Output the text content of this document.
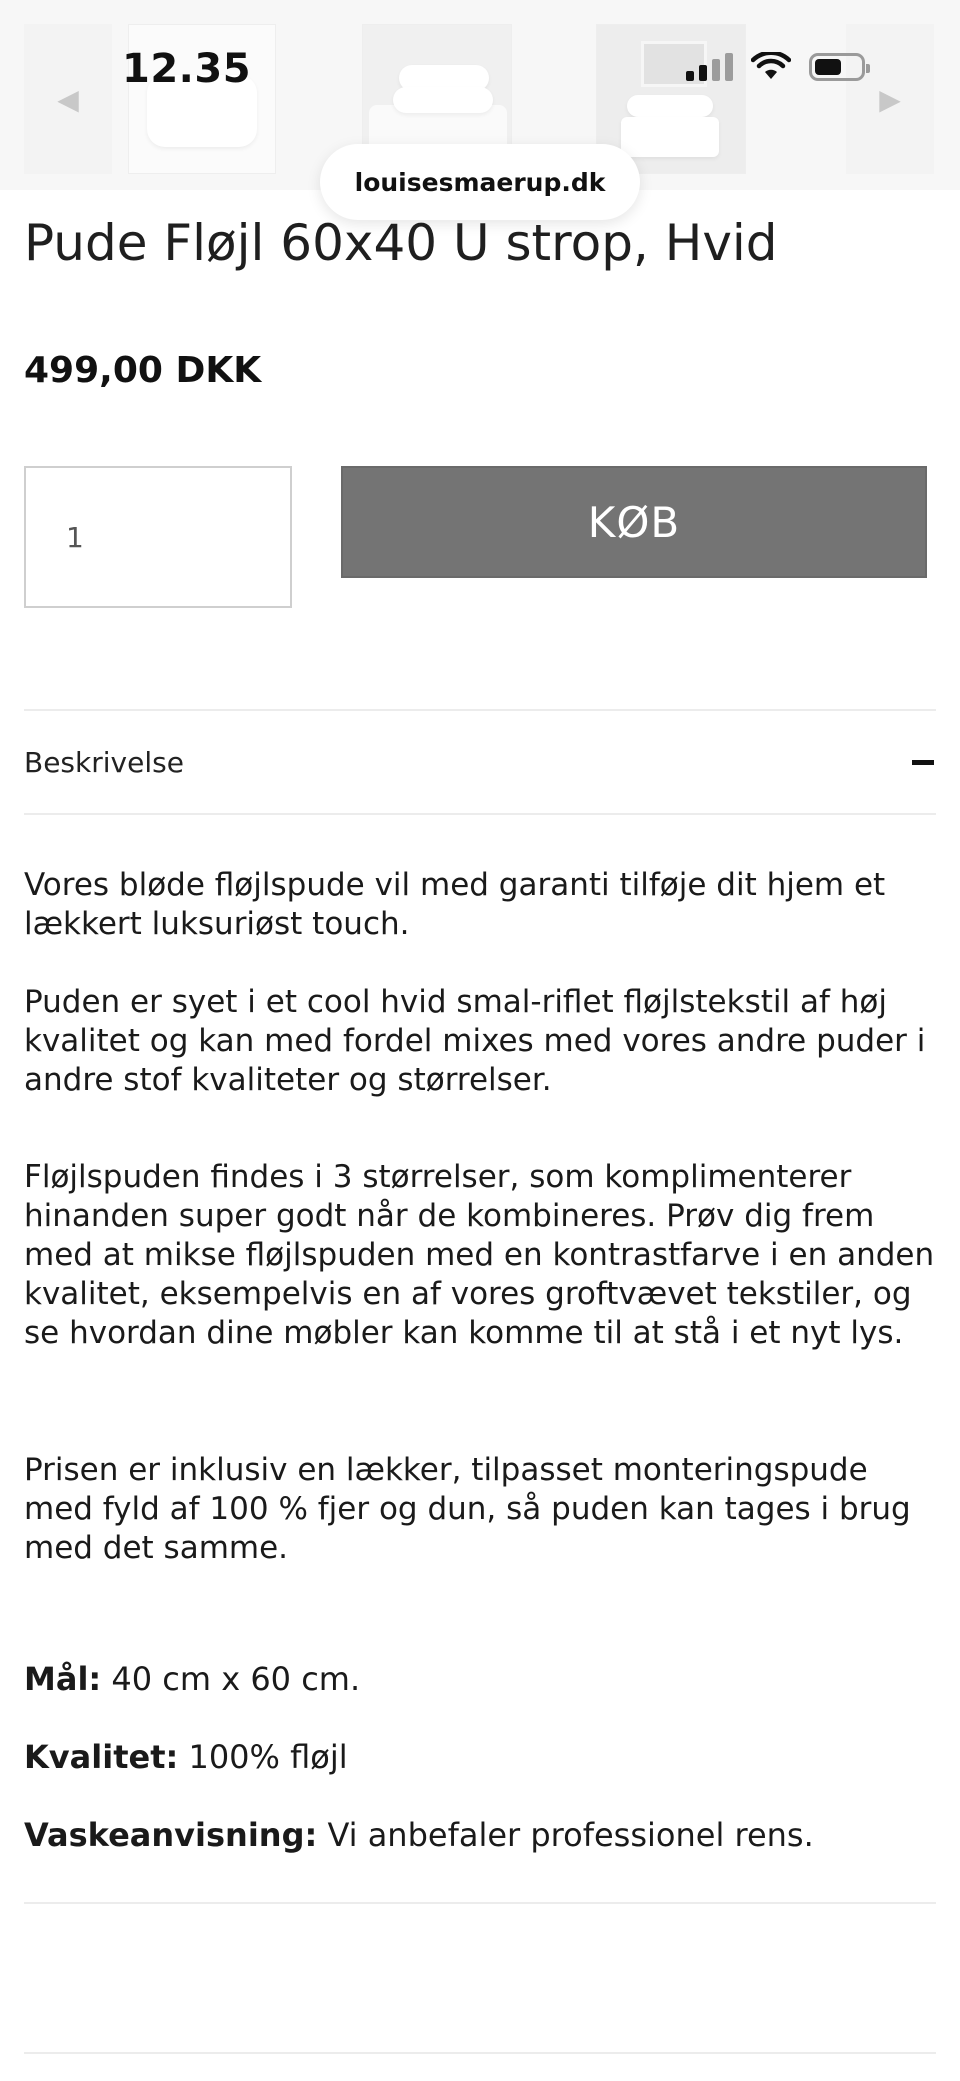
◀	▶
12.35
louisesmaerup.dk
Pude Fløjl 60x40 U strop, Hvid
499,00 DKK
1
KØB
Beskrivelse

Vores bløde fløjlspude vil med garanti tilføje dit hjem et lækkert luksuriøst touch.

Puden er syet i et cool hvid smal-riflet fløjlstekstil af høj kvalitet og kan med fordel mixes med vores andre puder i andre stof kvaliteter og størrelser.

Fløjlspuden findes i 3 størrelser, som komplimenterer hinanden super godt når de kombineres. Prøv dig frem med at mikse fløjlspuden med en kontrastfarve i en anden kvalitet, eksempelvis en af vores groftvævet tekstiler, og se hvordan dine møbler kan komme til at stå i et nyt lys.

Prisen er inklusiv en lækker, tilpasset monteringspude med fyld af 100 % fjer og dun, så puden kan tages i brug med det samme.

Mål: 40 cm x 60 cm.
Kvalitet: 100% fløjl
Vaskeanvisning: Vi anbefaler professionel rens.
